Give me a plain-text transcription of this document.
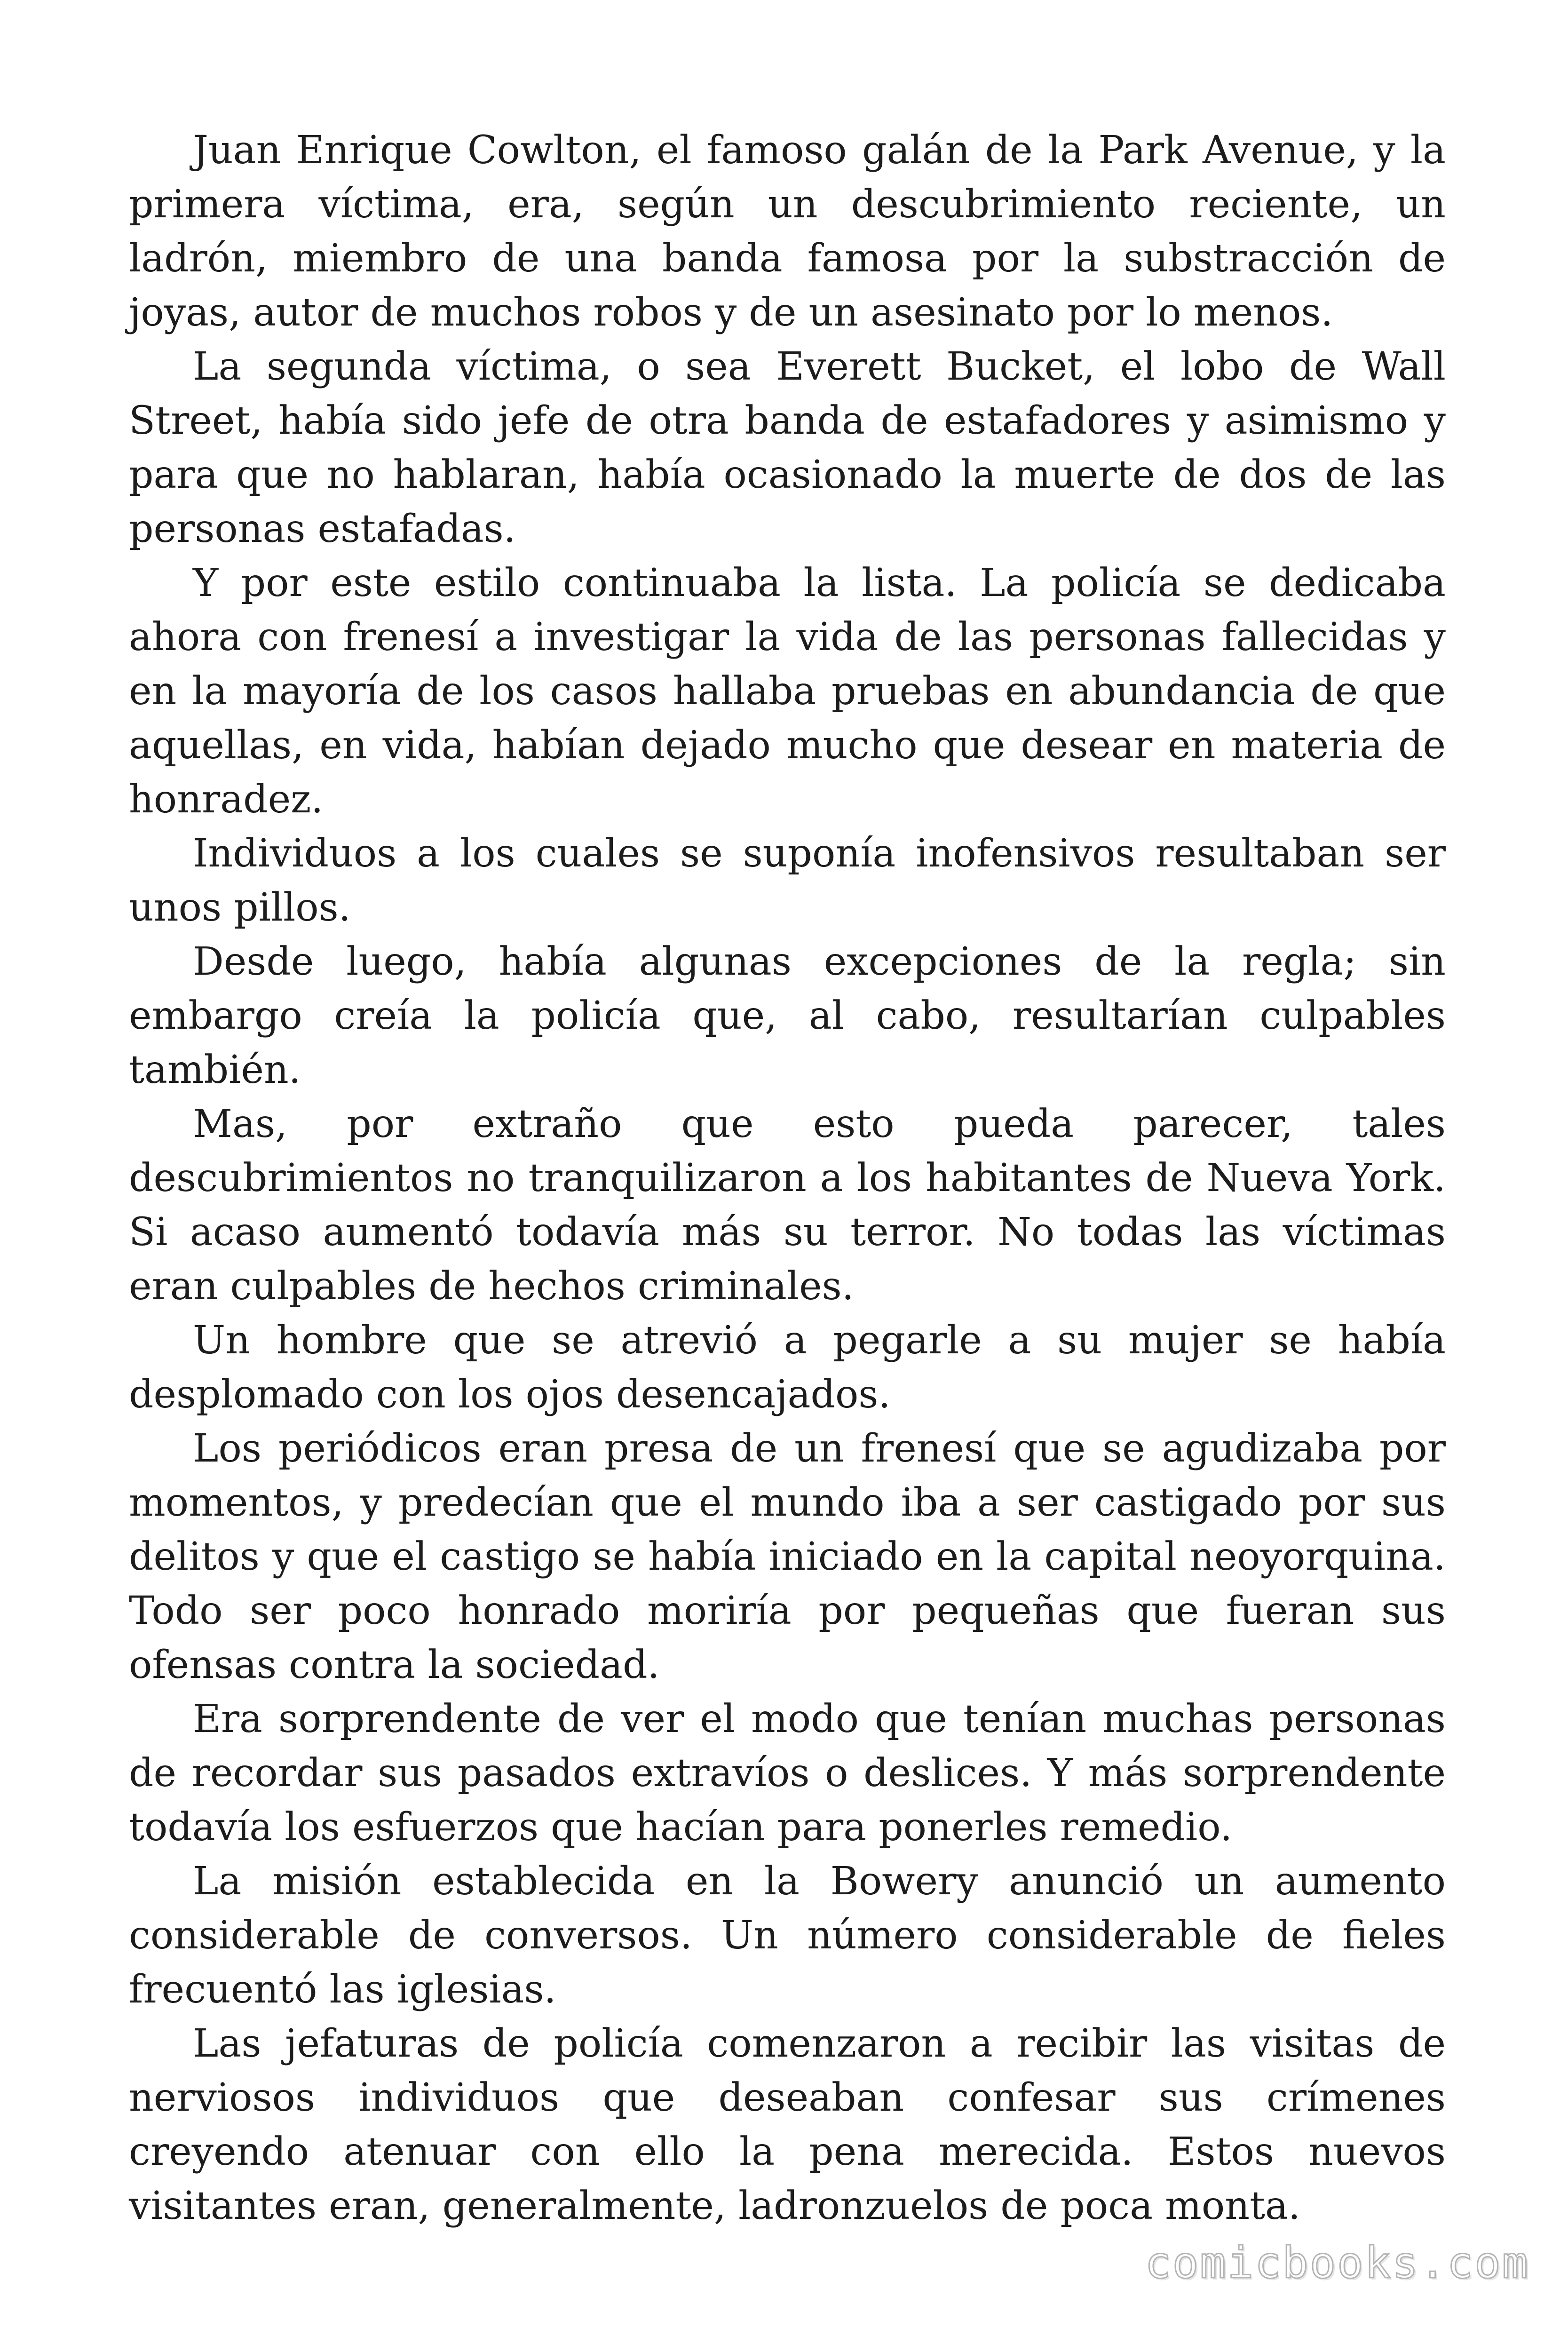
Juan Enrique Cowlton, el famoso galán de la Park Avenue, y la primera víctima, era, según un descubrimiento reciente, un ladrón, miembro de una banda famosa por la substracción de joyas, autor de muchos robos y de un asesinato por lo menos.

La segunda víctima, o sea Everett Bucket, el lobo de Wall Street, había sido jefe de otra banda de estafadores y asimismo y para que no hablaran, había ocasionado la muerte de dos de las personas estafadas.

Y por este estilo continuaba la lista. La policía se dedicaba ahora con frenesí a investigar la vida de las personas fallecidas y en la mayoría de los casos hallaba pruebas en abundancia de que aquellas, en vida, habían dejado mucho que desear en materia de honradez.

Individuos a los cuales se suponía inofensivos resultaban ser unos pillos.

Desde luego, había algunas excepciones de la regla; sin embargo creía la policía que, al cabo, resultarían culpables también.

Mas, por extraño que esto pueda parecer, tales descubrimientos no tranquilizaron a los habitantes de Nueva York. Si acaso aumentó todavía más su terror. No todas las víctimas eran culpables de hechos criminales.

Un hombre que se atrevió a pegarle a su mujer se había desplomado con los ojos desencajados.

Los periódicos eran presa de un frenesí que se agudizaba por momentos, y predecían que el mundo iba a ser castigado por sus delitos y que el castigo se había iniciado en la capital neoyorquina. Todo ser poco honrado moriría por pequeñas que fueran sus ofensas contra la sociedad.

Era sorprendente de ver el modo que tenían muchas personas de recordar sus pasados extravíos o deslices. Y más sorprendente todavía los esfuerzos que hacían para ponerles remedio.

La misión establecida en la Bowery anunció un aumento considerable de conversos. Un número considerable de fieles frecuentó las iglesias.

Las jefaturas de policía comenzaron a recibir las visitas de nerviosos individuos que deseaban confesar sus crímenes creyendo atenuar con ello la pena merecida. Estos nuevos visitantes eran, generalmente, ladronzuelos de poca monta.

comicbooks.com
